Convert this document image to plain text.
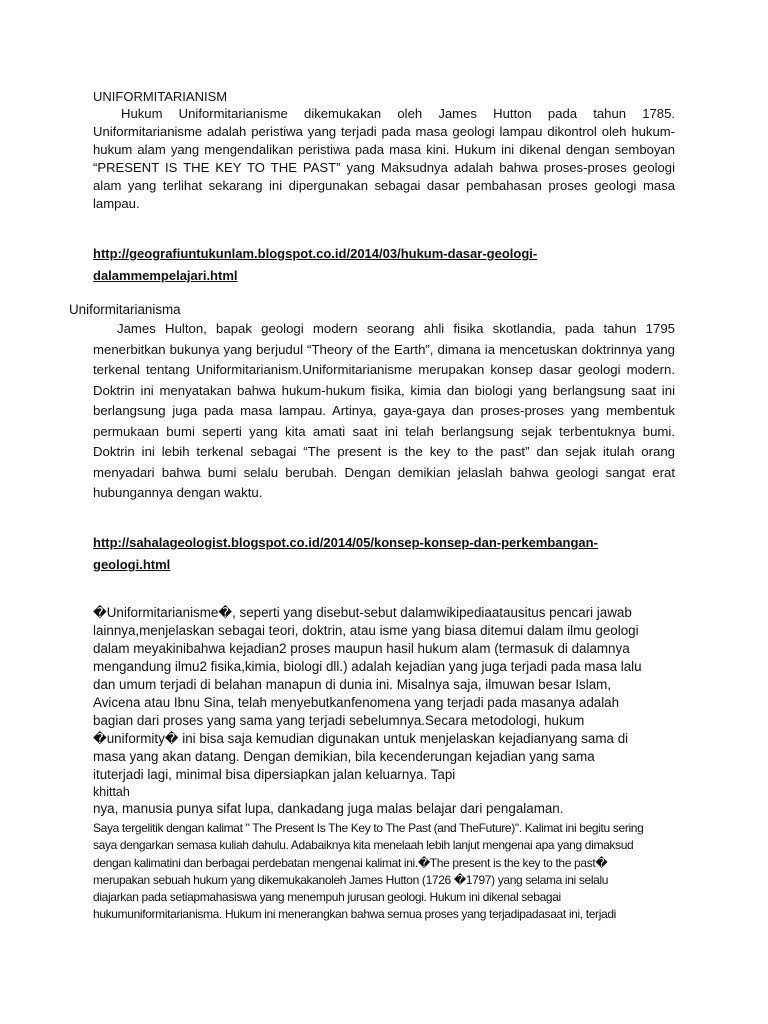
UNIFORMITARIANISM

Hukum Uniformitarianisme dikemukakan oleh James Hutton pada tahun 1785. Uniformitarianisme adalah peristiwa yang terjadi pada masa geologi lampau dikontrol oleh hukum-hukum alam yang mengendalikan peristiwa pada masa kini. Hukum ini dikenal dengan semboyan “PRESENT IS THE KEY TO THE PAST” yang Maksudnya adalah bahwa proses-proses geologi alam yang terlihat sekarang ini dipergunakan sebagai dasar pembahasan proses geologi masa lampau.

http://geografiuntukunlam.blogspot.co.id/2014/03/hukum-dasar-geologi-dalammempelajari.html
Uniformitarianisma

James Hulton, bapak geologi modern seorang ahli fisika skotlandia, pada tahun 1795 menerbitkan bukunya yang berjudul “Theory of the Earth”, dimana ia mencetuskan doktrinnya yang terkenal tentang Uniformitarianism.Uniformitarianisme merupakan konsep dasar geologi modern. Doktrin ini menyatakan bahwa hukum-hukum fisika, kimia dan biologi yang berlangsung saat ini berlangsung juga pada masa lampau. Artinya, gaya-gaya dan proses-proses yang membentuk permukaan bumi seperti yang kita amati saat ini telah berlangsung sejak terbentuknya bumi. Doktrin ini lebih terkenal sebagai “The present is the key to the past” dan sejak itulah orang menyadari bahwa bumi selalu berubah. Dengan demikian jelaslah bahwa geologi sangat erat hubungannya dengan waktu.

http://sahalageologist.blogspot.co.id/2014/05/konsep-konsep-dan-perkembangan-geologi.html
�Uniformitarianisme�, seperti yang disebut-sebut dalamwikipediaatausitus pencari jawab
lainnya,menjelaskan sebagai teori, doktrin, atau isme yang biasa ditemui dalam ilmu geologi
dalam meyakinibahwa kejadian2 proses maupun hasil hukum alam (termasuk di dalamnya
mengandung ilmu2 fisika,kimia, biologi dll.) adalah kejadian yang juga terjadi pada masa lalu
dan umum terjadi di belahan manapun di dunia ini. Misalnya saja, ilmuwan besar Islam,
Avicena atau Ibnu Sina, telah menyebutkanfenomena yang terjadi pada masanya adalah
bagian dari proses yang sama yang terjadi sebelumnya.Secara metodologi, hukum
�uniformity� ini bisa saja kemudian digunakan untuk menjelaskan kejadianyang sama di
masa yang akan datang. Dengan demikian, bila kecenderungan kejadian yang sama
ituterjadi lagi, minimal bisa dipersiapkan jalan keluarnya. Tapi
khittah
nya, manusia punya sifat lupa, dankadang juga malas belajar dari pengalaman.
Saya tergelitik dengan kalimat " The Present Is The Key to The Past (and TheFuture)". Kalimat ini begitu sering
saya dengarkan semasa kuliah dahulu. Adabaiknya kita menelaah lebih lanjut mengenai apa yang dimaksud
dengan kalimatini dan berbagai perdebatan mengenai kalimat ini.�The present is the key to the past�
merupakan sebuah hukum yang dikemukakanoleh James Hutton (1726 �1797) yang selama ini selalu
diajarkan pada setiapmahasiswa yang menempuh jurusan geologi. Hukum ini dikenal sebagai
hukumuniformitarianisma. Hukum ini menerangkan bahwa semua proses yang terjadipadasaat ini, terjadi
